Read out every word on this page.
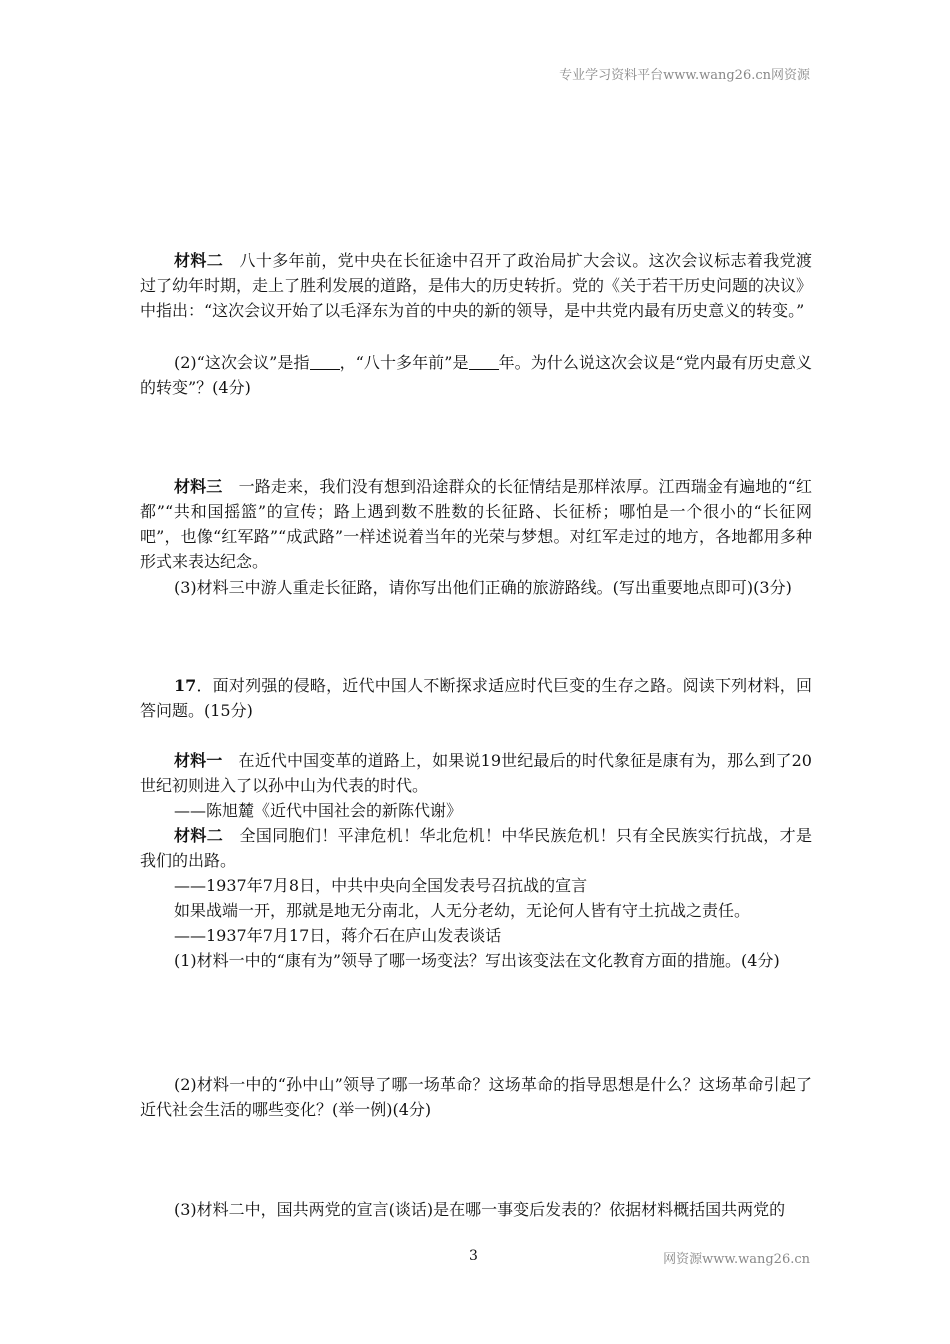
专业学习资料平台www.wang26.cn网资源

材料二　八十多年前，党中央在长征途中召开了政治局扩大会议。这次会议标志着我党渡过了幼年时期，走上了胜利发展的道路，是伟大的历史转折。党的《关于若干历史问题的决议》中指出：“这次会议开始了以毛泽东为首的中央的新的领导，是中共党内最有历史意义的转变。”

(2)“这次会议”是指 ，“八十多年前”是 年。为什么说这次会议是“党内最有历史意义的转变”？(4分)

材料三　一路走来，我们没有想到沿途群众的长征情结是那样浓厚。江西瑞金有遍地的“红都”“共和国摇篮”的宣传；路上遇到数不胜数的长征路、长征桥；哪怕是一个很小的“长征网吧”，也像“红军路”“成武路”一样述说着当年的光荣与梦想。对红军走过的地方，各地都用多种形式来表达纪念。

(3)材料三中游人重走长征路，请你写出他们正确的旅游路线。(写出重要地点即可)(3分)

17．面对列强的侵略，近代中国人不断探求适应时代巨变的生存之路。阅读下列材料，回答问题。(15分)

材料一　在近代中国变革的道路上，如果说19世纪最后的时代象征是康有为，那么到了20世纪初则进入了以孙中山为代表的时代。

——陈旭麓《近代中国社会的新陈代谢》

材料二　全国同胞们！平津危机！华北危机！中华民族危机！只有全民族实行抗战，才是我们的出路。

——1937年7月8日，中共中央向全国发表号召抗战的宣言

如果战端一开，那就是地无分南北，人无分老幼，无论何人皆有守土抗战之责任。

——1937年7月17日，蒋介石在庐山发表谈话

(1)材料一中的“康有为”领导了哪一场变法？写出该变法在文化教育方面的措施。(4分)

(2)材料一中的“孙中山”领导了哪一场革命？这场革命的指导思想是什么？这场革命引起了近代社会生活的哪些变化？(举一例)(4分)

(3)材料二中，国共两党的宣言(谈话)是在哪一事变后发表的？依据材料概括国共两党的

3	网资源www.wang26.cn
